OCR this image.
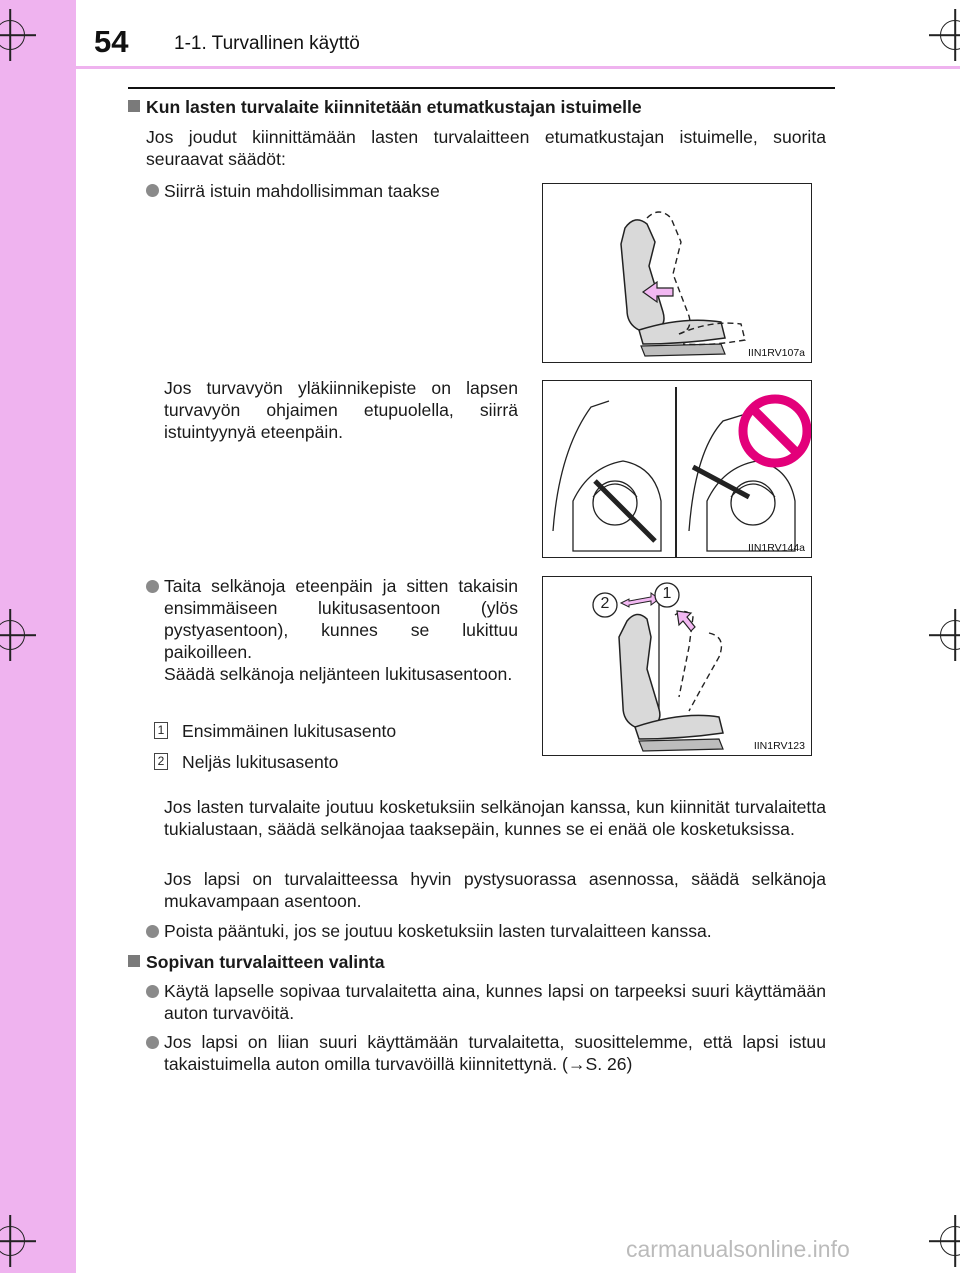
54 1-1. Turvallinen käyttö
Kun lasten turvalaite kiinnitetään etumatkustajan istuimelle
Jos joudut kiinnittämään lasten turvalaitteen etumatkustajan istuimelle, suorita seuraavat säädöt:
Siirrä istuin mahdollisimman taakse
Jos turvavyön yläkiinnikepiste on lapsen turvavyön ohjaimen etupuolella, siirrä istuintyynyä eteenpäin.
Taita selkänoja eteenpäin ja sitten takaisin ensimmäiseen lukitusasentoon (ylös pystyasentoon), kunnes se lukittuu paikoilleen.
Säädä selkänoja neljänteen lukitusasentoon.
1 Ensimmäinen lukitusasento
2 Neljäs lukitusasento
Jos lasten turvalaite joutuu kosketuksiin selkänojan kanssa, kun kiinnität turvalaitetta tukialustaan, säädä selkänojaa taaksepäin, kunnes se ei enää ole kosketuksissa.
Jos lapsi on turvalaitteessa hyvin pystysuorassa asennossa, säädä selkänoja mukavampaan asentoon.
Poista pääntuki, jos se joutuu kosketuksiin lasten turvalaitteen kanssa.
Sopivan turvalaitteen valinta
Käytä lapselle sopivaa turvalaitetta aina, kunnes lapsi on tarpeeksi suuri käyttämään auton turvavöitä.
Jos lapsi on liian suuri käyttämään turvalaitetta, suosittelemme, että lapsi istuu takaistuimella auton omilla turvavöillä kiinnitettynä. (→S. 26)
IIN1RV107a
IIN1RV144a
2
1
IIN1RV123
carmanualsonline.info
